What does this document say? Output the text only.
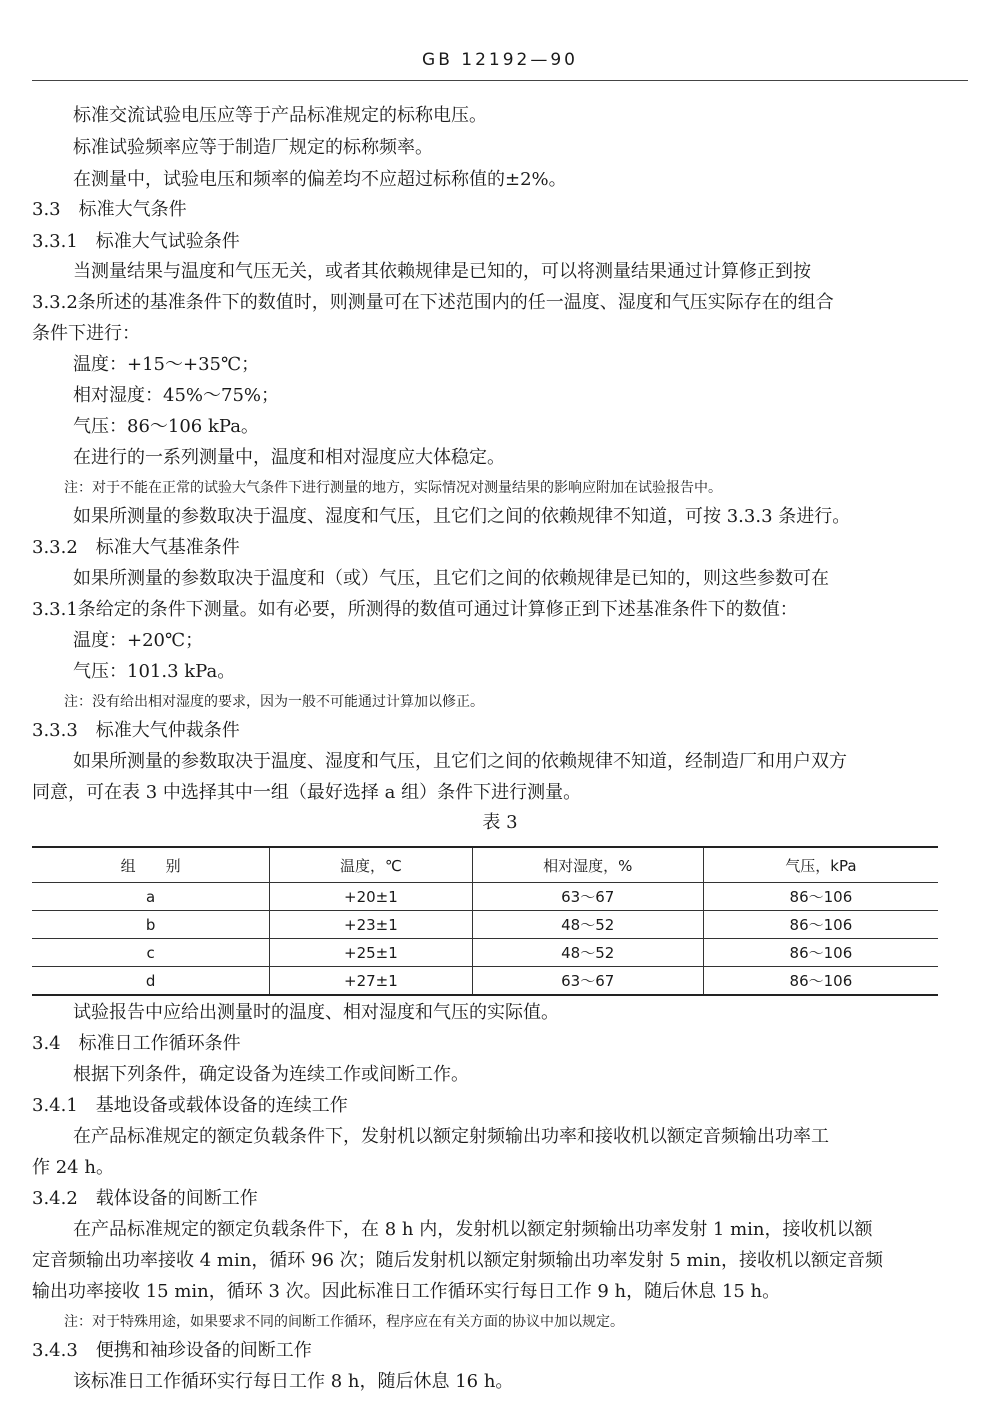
GB 12192—90
标准交流试验电压应等于产品标准规定的标称电压。
标准试验频率应等于制造厂规定的标称频率。
在测量中，试验电压和频率的偏差均不应超过标称值的±2%。
3.3　标准大气条件
3.3.1　标准大气试验条件
当测量结果与温度和气压无关，或者其依赖规律是已知的，可以将测量结果通过计算修正到按
3.3.2条所述的基准条件下的数值时，则测量可在下述范围内的任一温度、湿度和气压实际存在的组合
条件下进行：
温度：+15～+35℃；
相对湿度：45%～75%；
气压：86～106 kPa。
在进行的一系列测量中，温度和相对湿度应大体稳定。
注：对于不能在正常的试验大气条件下进行测量的地方，实际情况对测量结果的影响应附加在试验报告中。
如果所测量的参数取决于温度、湿度和气压，且它们之间的依赖规律不知道，可按 3.3.3 条进行。
3.3.2　标准大气基准条件
如果所测量的参数取决于温度和（或）气压，且它们之间的依赖规律是已知的，则这些参数可在
3.3.1条给定的条件下测量。如有必要，所测得的数值可通过计算修正到下述基准条件下的数值：
温度：+20℃；
气压：101.3 kPa。
注：没有给出相对湿度的要求，因为一般不可能通过计算加以修正。
3.3.3　标准大气仲裁条件
如果所测量的参数取决于温度、湿度和气压，且它们之间的依赖规律不知道，经制造厂和用户双方
同意，可在表 3 中选择其中一组（最好选择 a 组）条件下进行测量。
表 3
组　　别	温度，℃	相对湿度，%	气压，kPa
a	+20±1	63～67	86～106
b	+23±1	48～52	86～106
c	+25±1	48～52	86～106
d	+27±1	63～67	86～106
试验报告中应给出测量时的温度、相对湿度和气压的实际值。
3.4　标准日工作循环条件
根据下列条件，确定设备为连续工作或间断工作。
3.4.1　基地设备或载体设备的连续工作
在产品标准规定的额定负载条件下，发射机以额定射频输出功率和接收机以额定音频输出功率工
作 24 h。
3.4.2　载体设备的间断工作
在产品标准规定的额定负载条件下，在 8 h 内，发射机以额定射频输出功率发射 1 min，接收机以额
定音频输出功率接收 4 min，循环 96 次；随后发射机以额定射频输出功率发射 5 min，接收机以额定音频
输出功率接收 15 min，循环 3 次。因此标准日工作循环实行每日工作 9 h，随后休息 15 h。
注：对于特殊用途，如果要求不同的间断工作循环，程序应在有关方面的协议中加以规定。
3.4.3　便携和袖珍设备的间断工作
该标准日工作循环实行每日工作 8 h，随后休息 16 h。
